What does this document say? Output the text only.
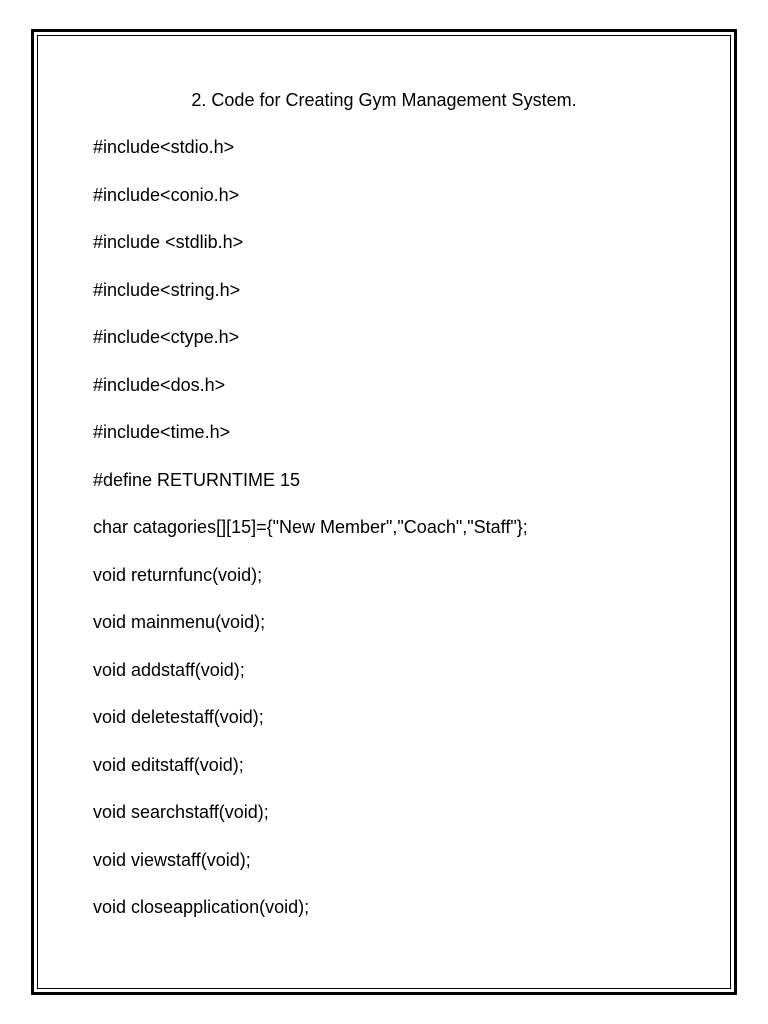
2. Code for Creating Gym Management System.
#include<stdio.h>
#include<conio.h>
#include <stdlib.h>
#include<string.h>
#include<ctype.h>
#include<dos.h>
#include<time.h>
#define RETURNTIME 15
char catagories[][15]={"New Member","Coach","Staff"};
void returnfunc(void);
void mainmenu(void);
void addstaff(void);
void deletestaff(void);
void editstaff(void);
void searchstaff(void);
void viewstaff(void);
void closeapplication(void);
